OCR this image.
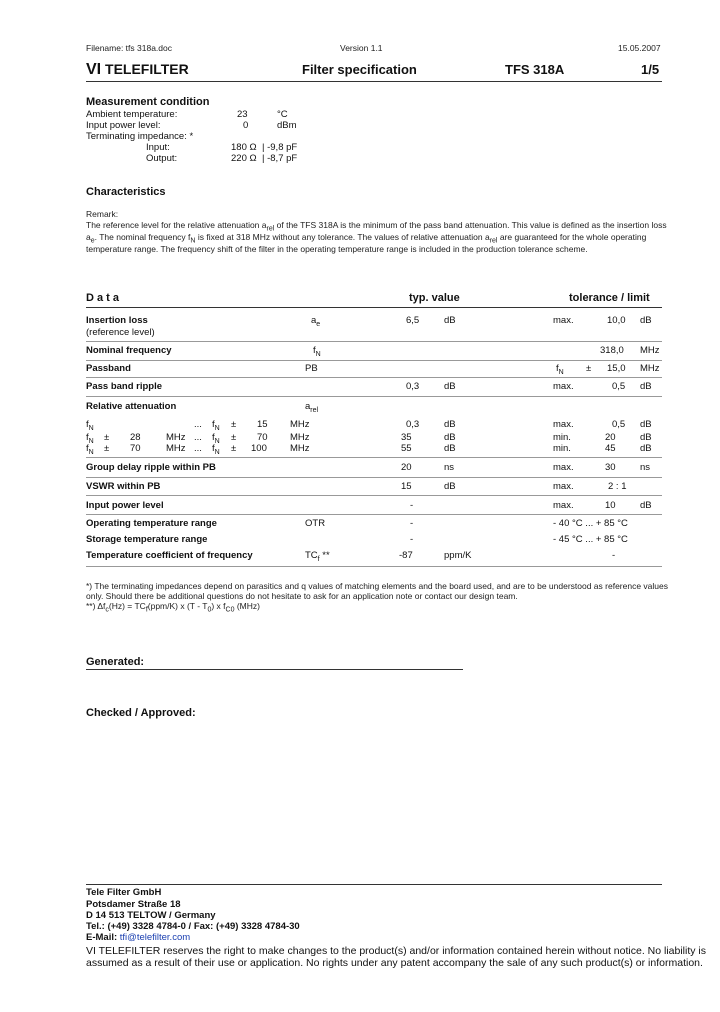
Filename: tfs 318a.doc	Version 1.1	15.05.2007
VI TELEFILTER	Filter specification	TFS 318A	1/5
Measurement condition
Ambient temperature:	23	°C
Input power level:	0	dBm
Terminating impedance: *
Input:	180 Ω | -9,8 pF
Output:	220 Ω | -8,7 pF
Characteristics
Remark:
The reference level for the relative attenuation $a_{rel}$ of the TFS 318A is the minimum of the pass band attenuation. This value is defined as the insertion loss
$a_e$. The nominal frequency $f_N$ is fixed at 318 MHz without any tolerance. The values of relative attenuation $a_{rel}$ are guaranteed for the whole operating
temperature range. The frequency shift of the filter in the operating temperature range is included in the production tolerance scheme.
D a t a	typ. value	tolerance / limit
Insertion loss
(reference level)
$a_e$	6,5	dB	max.	10,0 dB
Nominal frequency	$f_N$	318,0 MHz
Passband	PB	$f_N \pm 15,0$ MHz
Pass band ripple	0,3	dB	max.	0,5 dB
Relative attenuation	$a_{rel}$
$f_N$	... $f_N \pm 15$ MHz	0,3	dB	max.	0,5 dB
$f_N \pm 28$	MHz ... $f_N \pm 70$ MHz	35	dB	min.	20	dB
$f_N \pm 70$	MHz ... $f_N \pm 100$ MHz	55	dB	min.	45	dB
Group delay ripple within PB	20	ns	max.	30	ns
VSWR within PB	15	dB	max.	2 : 1
Input power level	-	max.	10	dB
Operating temperature range	OTR	-	- 40 °C ... + 85 °C
Storage temperature range	-	- 45 °C ... + 85 °C
Temperature coefficient of frequency	$TC_f$ **	-87	ppm/K	-
*) The terminating impedances depend on parasitics and q values of matching elements and the board used, and are to be understood as reference values
only. Should there be additional questions do not hesitate to ask for an application note or contact our design team.
**) $\Delta f_c(Hz) = TC_f(ppm/K)$ x $(T - T_0)$ x $f_{C0}$ (MHz)
Generated:
Checked / Approved:
Tele Filter GmbH
Potsdamer Straße 18
D 14 513 TELTOW / Germany
Tel.: (+49) 3328 4784-0 / Fax: (+49) 3328 4784-30
E-Mail: tfi@telefilter.com
VI TELEFILTER reserves the right to make changes to the product(s) and/or information contained herein without notice. No liability is
assumed as a result of their use or application. No rights under any patent accompany the sale of any such product(s) or information.
